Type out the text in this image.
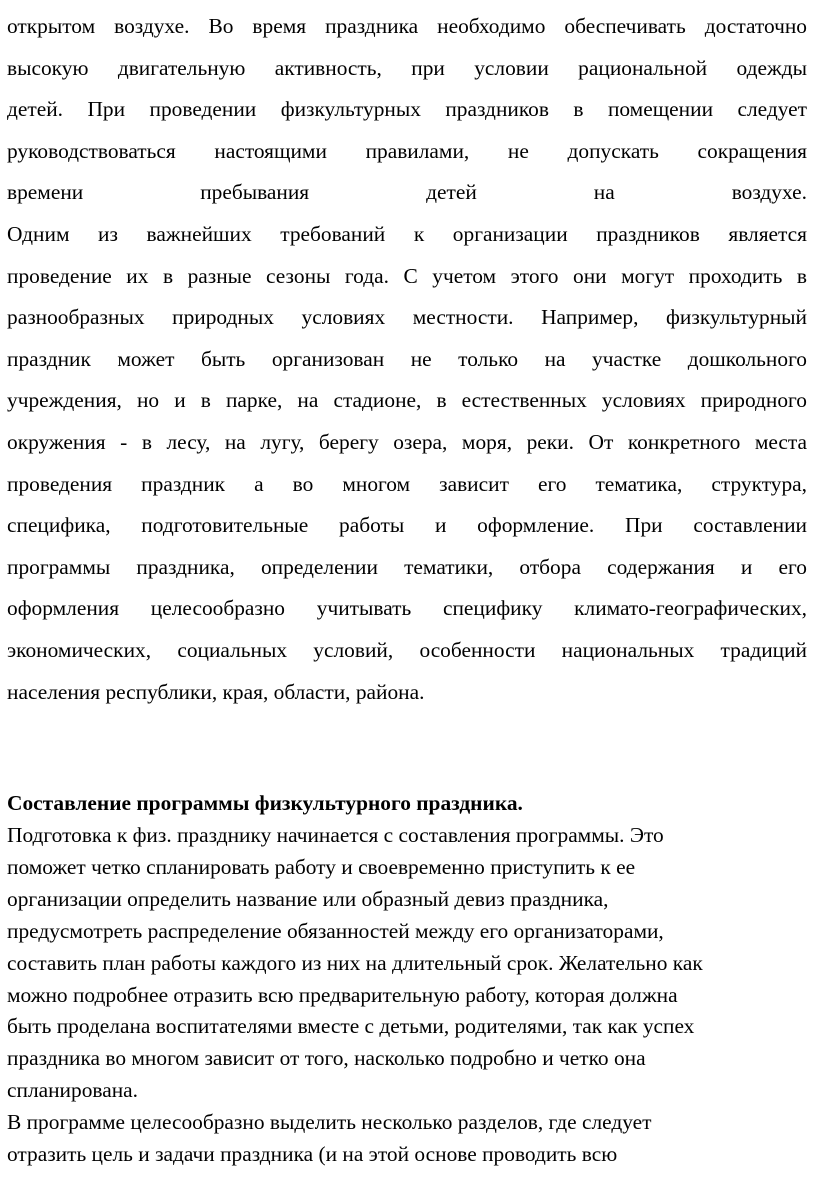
открытом воздухе. Во время праздника необходимо обеспечивать достаточно
высокую двигательную активность, при условии рациональной одежды
детей. При проведении физкультурных праздников в помещении следует
руководствоваться настоящими правилами, не допускать сокращения
времени пребывания детей на воздухе.
Одним из важнейших требований к организации праздников является
проведение их в разные сезоны года. С учетом этого они могут проходить в
разнообразных природных условиях местности. Например, физкультурный
праздник может быть организован не только на участке дошкольного
учреждения, но и в парке, на стадионе, в естественных условиях природного
окружения - в лесу, на лугу, берегу озера, моря, реки. От конкретного места
проведения праздник а во многом зависит его тематика, структура,
специфика, подготовительные работы и оформление. При составлении
программы праздника, определении тематики, отбора содержания и его
оформления целесообразно учитывать специфику климато-географических,
экономических, социальных условий, особенности национальных традиций
населения республики, края, области, района.

Составление программы физкультурного праздника.

Подготовка к физ. празднику начинается с составления программы. Это
поможет четко спланировать работу и своевременно приступить к ее
организации определить название или образный девиз праздника,
предусмотреть распределение обязанностей между его организаторами,
составить план работы каждого из них на длительный срок. Желательно как
можно подробнее отразить всю предварительную работу, которая должна
быть проделана воспитателями вместе с детьми, родителями, так как успех
праздника во многом зависит от того, насколько подробно и четко она
спланирована.
В программе целесообразно выделить несколько разделов, где следует
отразить цель и задачи праздника (и на этой основе проводить всю
